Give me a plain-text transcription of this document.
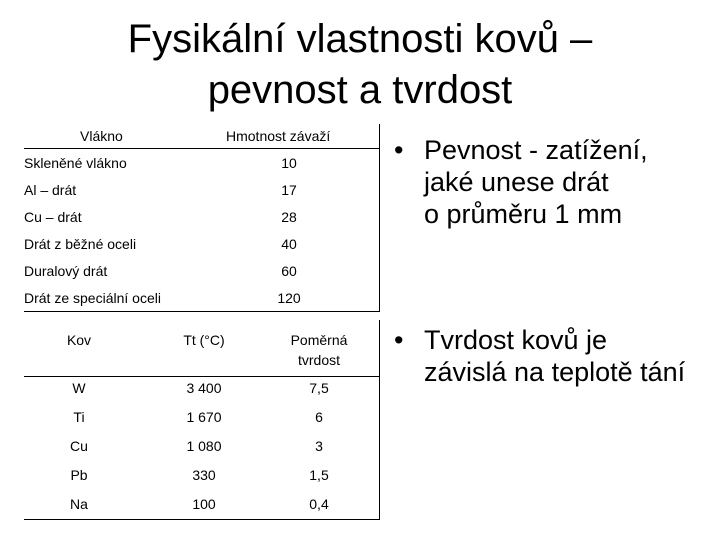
Fysikální vlastnosti kovů –
pevnost a tvrdost
Vlákno	Hmotnost závaží
Skleněné vlákno	10
Al – drát	17
Cu – drát	28
Drát z běžné oceli	40
Duralový drát	60
Drát ze speciální oceli	120
Kov	Tt (°C)	Poměrná tvrdost
W	3 400	7,5
Ti	1 670	6
Cu	1 080	3
Pb	330	1,5
Na	100	0,4
• Pevnost - zatížení,
jaké unese drát
o průměru 1 mm
• Tvrdost kovů je
závislá na teplotě tání
